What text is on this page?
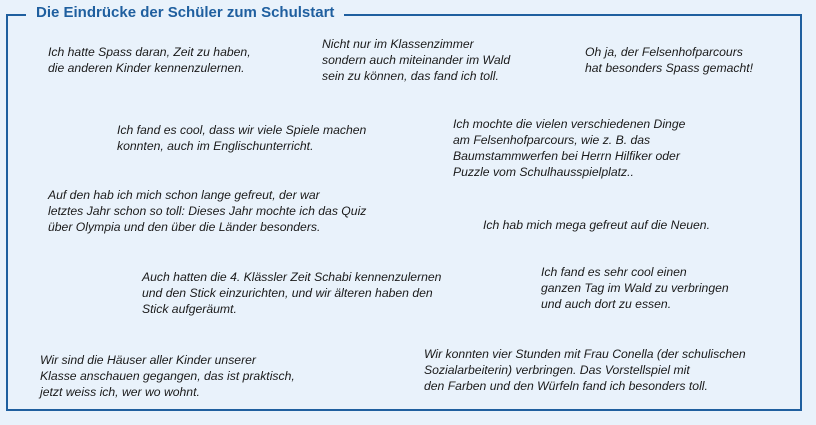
Die Eindrücke der Schüler zum Schulstart
Ich hatte Spass daran, Zeit zu haben,
die anderen Kinder kennenzulernen.
Nicht nur im Klassenzimmer
sondern auch miteinander im Wald
sein zu können, das fand ich toll.
Oh ja, der Felsenhofparcours
hat besonders Spass gemacht!
Ich fand es cool, dass wir viele Spiele machen
konnten, auch im Englischunterricht.
Ich mochte die vielen verschiedenen Dinge
am Felsenhofparcours, wie z. B. das
Baumstammwerfen bei Herrn Hilfiker oder
Puzzle vom Schulhausspielplatz..
Auf den hab ich mich schon lange gefreut, der war
letztes Jahr schon so toll: Dieses Jahr mochte ich das Quiz
über Olympia und den über die Länder besonders.	Ich hab mich mega gefreut auf die Neuen.
Auch hatten die 4. Klässler Zeit Schabi kennenzulernen
und den Stick einzurichten, und wir älteren haben den
Stick aufgeräumt.
Ich fand es sehr cool einen
ganzen Tag im Wald zu verbringen
und auch dort zu essen.
Wir sind die Häuser aller Kinder unserer
Klasse anschauen gegangen, das ist praktisch,
jetzt weiss ich, wer wo wohnt.
Wir konnten vier Stunden mit Frau Conella (der schulischen
Sozialarbeiterin) verbringen. Das Vorstellspiel mit
den Farben und den Würfeln fand ich besonders toll.
